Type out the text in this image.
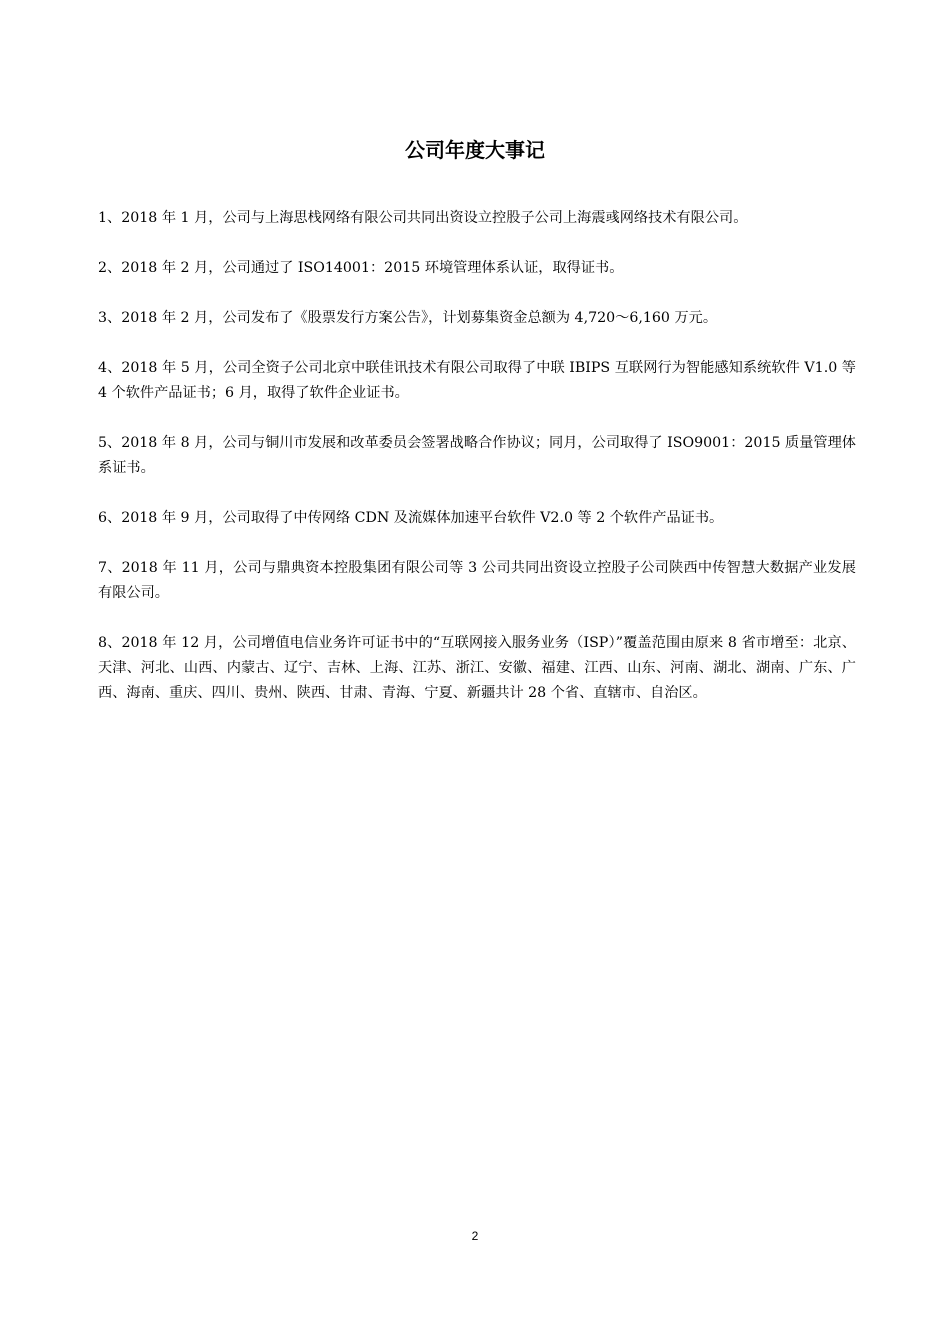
公司年度大事记
1、2018 年 1 月，公司与上海思栈网络有限公司共同出资设立控股子公司上海震彧网络技术有限公司。
2、2018 年 2 月，公司通过了 ISO14001：2015 环境管理体系认证，取得证书。
3、2018 年 2 月，公司发布了《股票发行方案公告》，计划募集资金总额为 4,720～6,160 万元。
4、2018 年 5 月，公司全资子公司北京中联佳讯技术有限公司取得了中联 IBIPS 互联网行为智能感知系统软件 V1.0 等 4 个软件产品证书；6 月，取得了软件企业证书。
5、2018 年 8 月，公司与铜川市发展和改革委员会签署战略合作协议；同月，公司取得了 ISO9001：2015 质量管理体系证书。
6、2018 年 9 月，公司取得了中传网络 CDN 及流媒体加速平台软件 V2.0 等 2 个软件产品证书。
7、2018 年 11 月，公司与鼎典资本控股集团有限公司等 3 公司共同出资设立控股子公司陕西中传智慧大数据产业发展有限公司。
8、2018 年 12 月，公司增值电信业务许可证书中的“互联网接入服务业务（ISP）”覆盖范围由原来 8 省市增至：北京、天津、河北、山西、内蒙古、辽宁、吉林、上海、江苏、浙江、安徽、福建、江西、山东、河南、湖北、湖南、广东、广西、海南、重庆、四川、贵州、陕西、甘肃、青海、宁夏、新疆共计 28 个省、直辖市、自治区。
2
